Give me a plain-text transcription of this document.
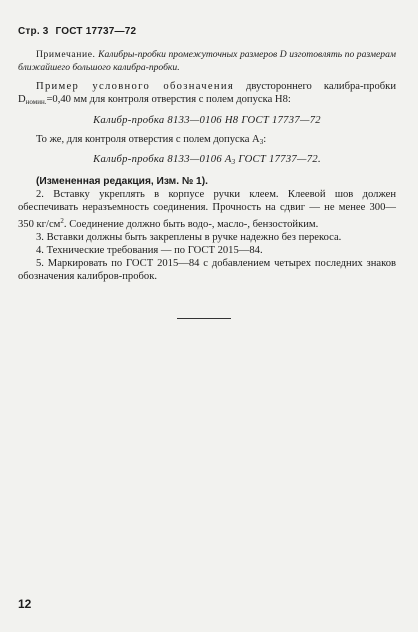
Стр. 3 ГОСТ 17737—72

Примечание. Калибры-пробки промежуточных размеров D изготовлять по размерам ближайшего большого калибра-пробки.

Пример условного обозначения двустороннего калибра-пробки $D_{номин.}=0,40$ мм для контроля отверстия с полем допуска H8:

Калибр-пробка 8133—0106 H8 ГОСТ 17737—72

То же, для контроля отверстия с полем допуска $A_3$:

Калибр-пробка 8133—0106 $A_3$ ГОСТ 17737—72.

(Измененная редакция, Изм. № 1).

2. Вставку укреплять в корпусе ручки клеем. Клеевой шов должен обеспечивать неразъемность соединения. Прочность на сдвиг — не менее 300—350 $кг/см^2$. Соединение должно быть водо-, масло-, бензостойким.

3. Вставки должны быть закреплены в ручке надежно без перекоса.

4. Технические требования — по ГОСТ 2015—84.

5. Маркировать по ГОСТ 2015—84 с добавлением четырех последних знаков обозначения калибров-пробок.

12
